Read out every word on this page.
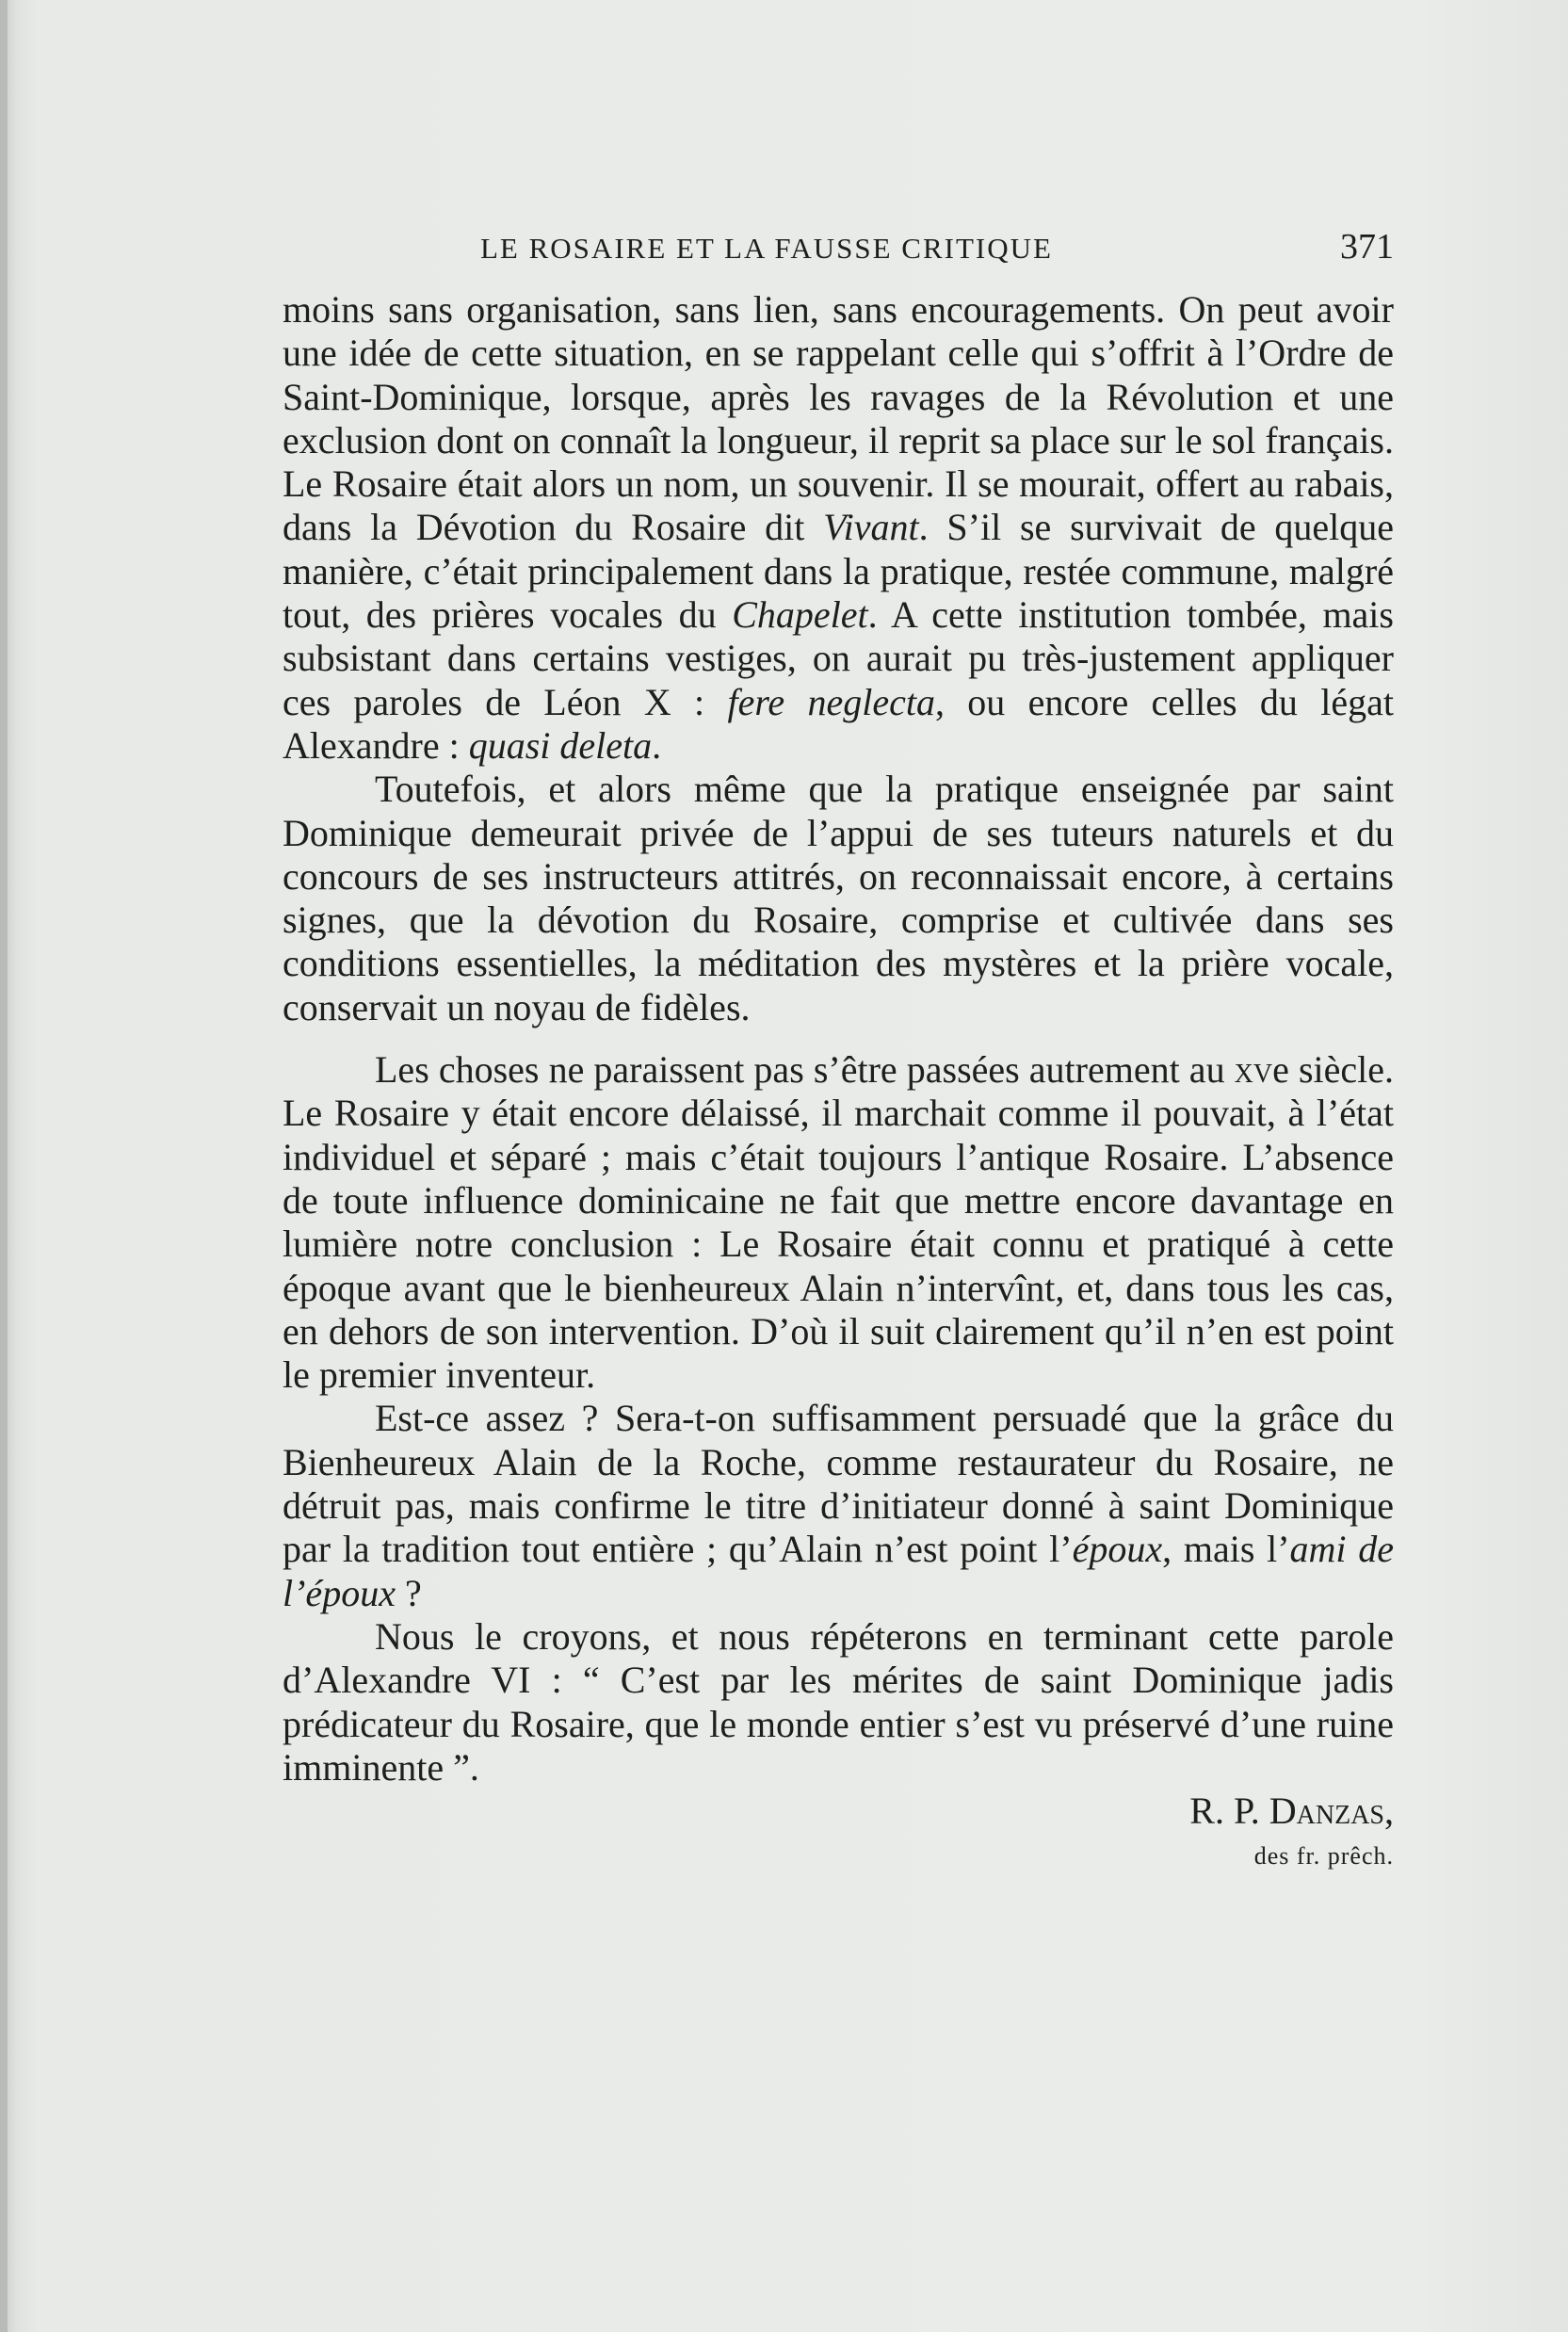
LE ROSAIRE ET LA FAUSSE CRITIQUE	371

moins sans organisation, sans lien, sans encouragements. On peut avoir une idée de cette situation, en se rappelant celle qui s’offrit à l’Ordre de Saint-Dominique, lorsque, après les ravages de la Révolution et une exclusion dont on connaît la longueur, il reprit sa place sur le sol français. Le Rosaire était alors un nom, un souvenir. Il se mourait, offert au rabais, dans la Dévotion du Rosaire dit Vivant. S’il se survivait de quelque manière, c’était principalement dans la pratique, restée commune, malgré tout, des prières vocales du Chapelet. A cette institution tombée, mais subsistant dans certains vestiges, on aurait pu très-justement appliquer ces paroles de Léon X : fere neglecta, ou encore celles du légat Alexandre : quasi deleta.

Toutefois, et alors même que la pratique enseignée par saint Dominique demeurait privée de l’appui de ses tuteurs naturels et du concours de ses instructeurs attitrés, on reconnaissait encore, à certains signes, que la dévotion du Rosaire, comprise et cultivée dans ses conditions essentielles, la méditation des mystères et la prière vocale, conservait un noyau de fidèles.

Les choses ne paraissent pas s’être passées autrement au xve siècle. Le Rosaire y était encore délaissé, il marchait comme il pouvait, à l’état individuel et séparé ; mais c’était toujours l’antique Rosaire. L’absence de toute influence dominicaine ne fait que mettre encore davantage en lumière notre conclusion : Le Rosaire était connu et pratiqué à cette époque avant que le bienheureux Alain n’intervînt, et, dans tous les cas, en dehors de son intervention. D’où il suit clairement qu’il n’en est point le premier inventeur.

Est-ce assez ? Sera-t-on suffisamment persuadé que la grâce du Bienheureux Alain de la Roche, comme restaurateur du Rosaire, ne détruit pas, mais confirme le titre d’initiateur donné à saint Dominique par la tradition tout entière ; qu’Alain n’est point l’époux, mais l’ami de l’époux ?

Nous le croyons, et nous répéterons en terminant cette parole d’Alexandre VI : “ C’est par les mérites de saint Dominique jadis prédicateur du Rosaire, que le monde entier s’est vu préservé d’une ruine imminente ”.

R. P. Danzas,

des fr. prêch.
